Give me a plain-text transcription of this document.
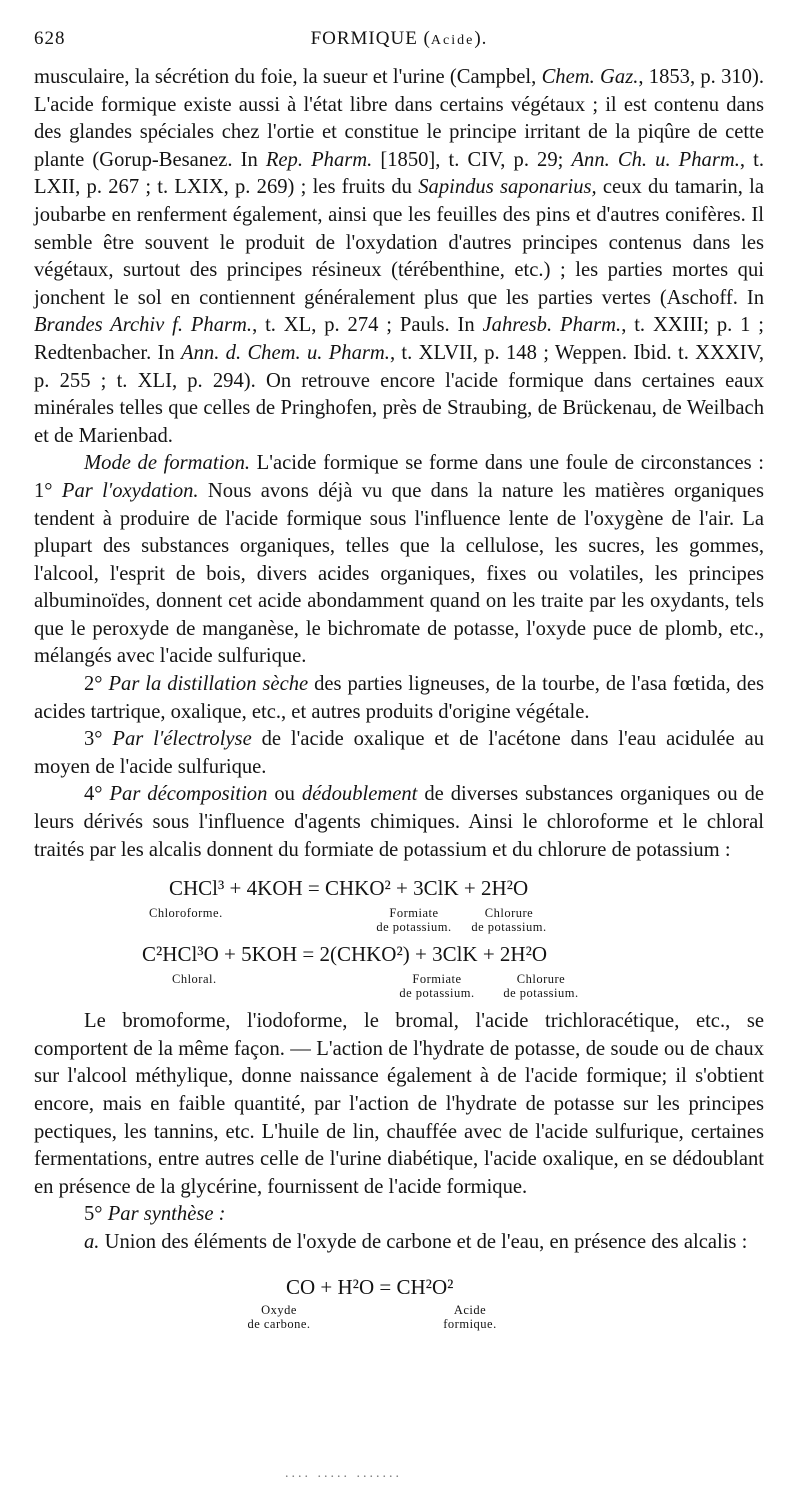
628	FORMIQUE (Acide).

musculaire, la sécrétion du foie, la sueur et l'urine (Campbel, Chem. Gaz., 1853, p. 310). L'acide formique existe aussi à l'état libre dans certains végétaux ; il est contenu dans des glandes spéciales chez l'ortie et constitue le principe irritant de la piqûre de cette plante (Gorup-Besanez. In Rep. Pharm. [1850], t. CIV, p. 29; Ann. Ch. u. Pharm., t. LXII, p. 267 ; t. LXIX, p. 269) ; les fruits du Sapindus saponarius, ceux du tamarin, la joubarbe en renferment également, ainsi que les feuilles des pins et d'autres conifères. Il semble être souvent le produit de l'oxydation d'autres principes contenus dans les végétaux, surtout des principes résineux (térébenthine, etc.) ; les parties mortes qui jonchent le sol en contiennent généralement plus que les parties vertes (Aschoff. In Brandes Archiv f. Pharm., t. XL, p. 274 ; Pauls. In Jahresb. Pharm., t. XXIII; p. 1 ; Redtenbacher. In Ann. d. Chem. u. Pharm., t. XLVII, p. 148 ; Weppen. Ibid. t. XXXIV, p. 255 ; t. XLI, p. 294). On retrouve encore l'acide formique dans certaines eaux minérales telles que celles de Pringhofen, près de Straubing, de Brückenau, de Weilbach et de Marienbad.

Mode de formation. L'acide formique se forme dans une foule de circonstances : 1° Par l'oxydation. Nous avons déjà vu que dans la nature les matières organiques tendent à produire de l'acide formique sous l'influence lente de l'oxygène de l'air. La plupart des substances organiques, telles que la cellulose, les sucres, les gommes, l'alcool, l'esprit de bois, divers acides organiques, fixes ou volatiles, les principes albuminoïdes, donnent cet acide abondamment quand on les traite par les oxydants, tels que le peroxyde de manganèse, le bichromate de potasse, l'oxyde puce de plomb, etc., mélangés avec l'acide sulfurique.

2° Par la distillation sèche des parties ligneuses, de la tourbe, de l'asa fœtida, des acides tartrique, oxalique, etc., et autres produits d'origine végétale.

3° Par l'électrolyse de l'acide oxalique et de l'acétone dans l'eau acidulée au moyen de l'acide sulfurique.

4° Par décomposition ou dédoublement de diverses substances organiques ou de leurs dérivés sous l'influence d'agents chimiques. Ainsi le chloroforme et le chloral traités par les alcalis donnent du formiate de potassium et du chlorure de potassium :

CHCl³ + 4KOH = CHKO² + 3ClK + 2H²O
Chloroforme.	Formiate
de potassium.
Chlorure
de potassium.
C²HCl³O + 5KOH = 2(CHKO²) + 3ClK + 2H²O
Chloral.	Formiate
de potassium.
Chlorure
de potassium.

Le bromoforme, l'iodoforme, le bromal, l'acide trichloracétique, etc., se comportent de la même façon. — L'action de l'hydrate de potasse, de soude ou de chaux sur l'alcool méthylique, donne naissance également à de l'acide formique; il s'obtient encore, mais en faible quantité, par l'action de l'hydrate de potasse sur les principes pectiques, les tannins, etc. L'huile de lin, chauffée avec de l'acide sulfurique, certaines fermentations, entre autres celle de l'urine diabétique, l'acide oxalique, en se dédoublant en présence de la glycérine, fournissent de l'acide formique.

5° Par synthèse :

a. Union des éléments de l'oxyde de carbone et de l'eau, en présence des alcalis :

CO + H²O = CH²O²
Oxyde
de carbone.
Acide
formique.
.... ..... .......
